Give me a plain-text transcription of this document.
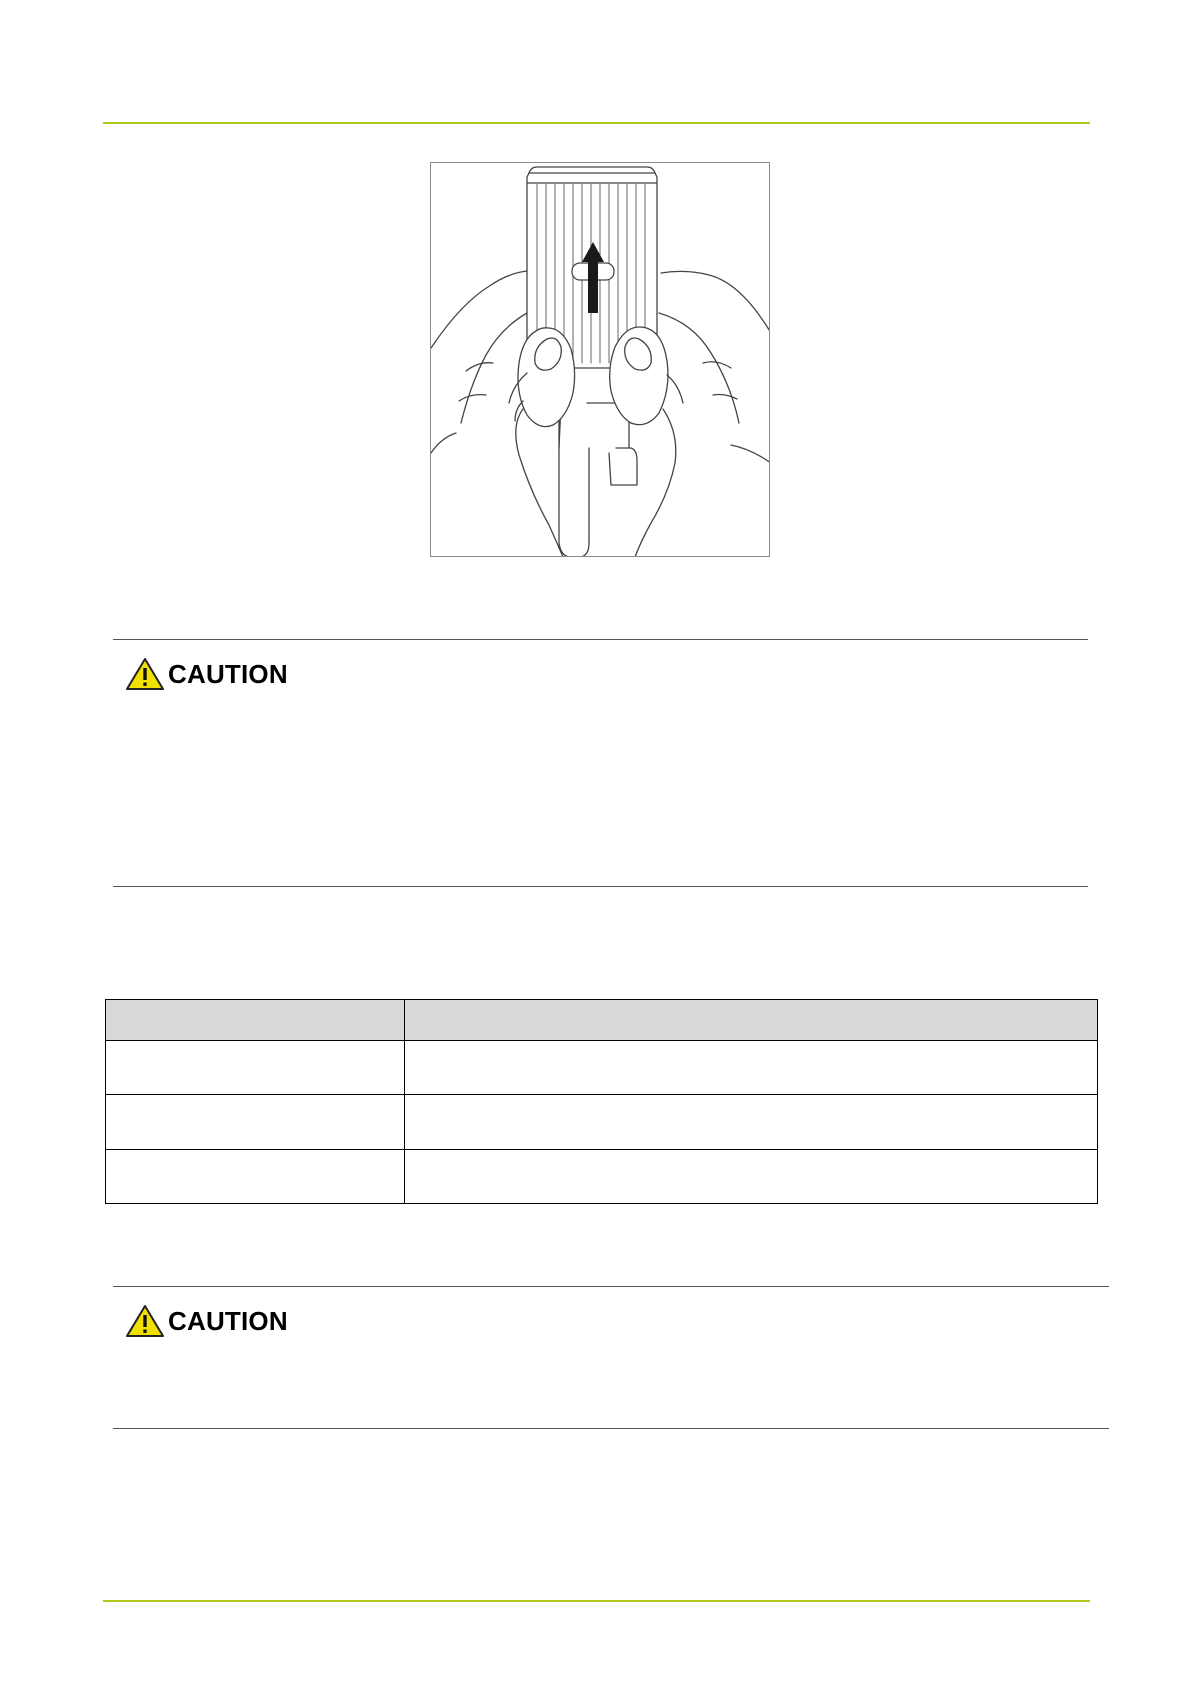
CAUTION

CAUTION
